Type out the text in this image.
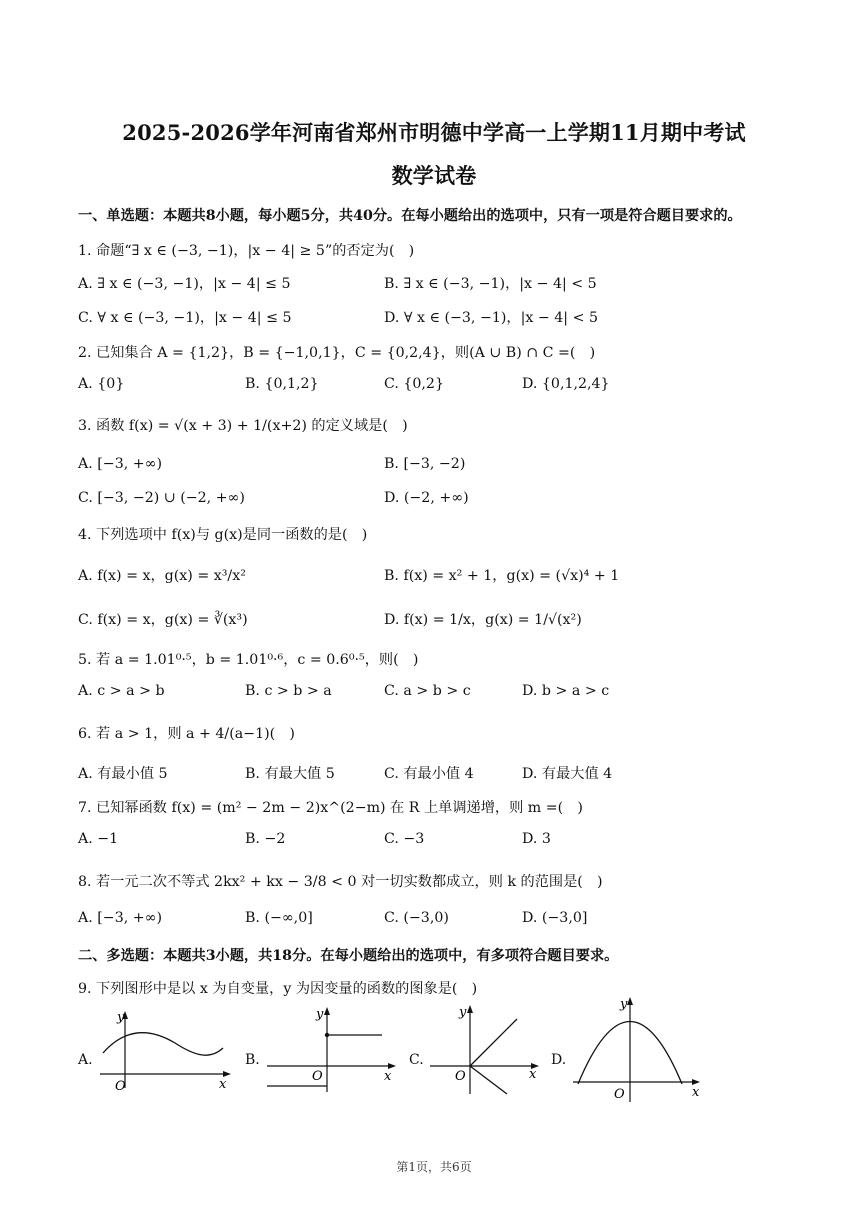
2025-2026学年河南省郑州市明德中学高一上学期11月期中考试
数学试卷
一、单选题：本题共8小题，每小题5分，共40分。在每小题给出的选项中，只有一项是符合题目要求的。
1. 命题“∃ x ∈ (−3, −1)，|x − 4| ≥ 5”的否定为(　)
A. ∃ x ∈ (−3, −1)，|x − 4| ≤ 5	B. ∃ x ∈ (−3, −1)，|x − 4| < 5
C. ∀ x ∈ (−3, −1)，|x − 4| ≤ 5	D. ∀ x ∈ (−3, −1)，|x − 4| < 5
2. 已知集合 A = {1,2}，B = {−1,0,1}，C = {0,2,4}，则(A ∪ B) ∩ C =(　)
A. {0}	B. {0,1,2}	C. {0,2}	D. {0,1,2,4}
3. 函数 f(x) = √(x + 3) + 1/(x+2) 的定义域是(　)
A. [−3, +∞)	B. [−3, −2)
C. [−3, −2) ∪ (−2, +∞)	D. (−2, +∞)
4. 下列选项中 f(x)与 g(x)是同一函数的是(　)
A. f(x) = x，g(x) = x³/x²	B. f(x) = x² + 1，g(x) = (√x)⁴ + 1
C. f(x) = x，g(x) = ∛(x³)	D. f(x) = 1/x，g(x) = 1/√(x²)
5. 若 a = 1.01⁰·⁵，b = 1.01⁰·⁶，c = 0.6⁰·⁵，则(　)
A. c > a > b	B. c > b > a	C. a > b > c	D. b > a > c
6. 若 a > 1，则 a + 4/(a−1)(　)
A. 有最小值 5	B. 有最大值 5	C. 有最小值 4	D. 有最大值 4
7. 已知幂函数 f(x) = (m² − 2m − 2)x^(2−m) 在 R 上单调递增，则 m =(　)
A. −1	B. −2	C. −3	D. 3
8. 若一元二次不等式 2kx² + kx − 3/8 < 0 对一切实数都成立，则 k 的范围是(　)
A. [−3, +∞)	B. (−∞,0]	C. (−3,0)	D. (−3,0]
二、多选题：本题共3小题，共18分。在每小题给出的选项中，有多项符合题目要求。
9. 下列图形中是以 x 为自变量，y 为因变量的函数的图象是(　)
A.
O
y
x
B.
O
y
x
C.
O
y
x
D.
O
y
x
第1页，共6页
